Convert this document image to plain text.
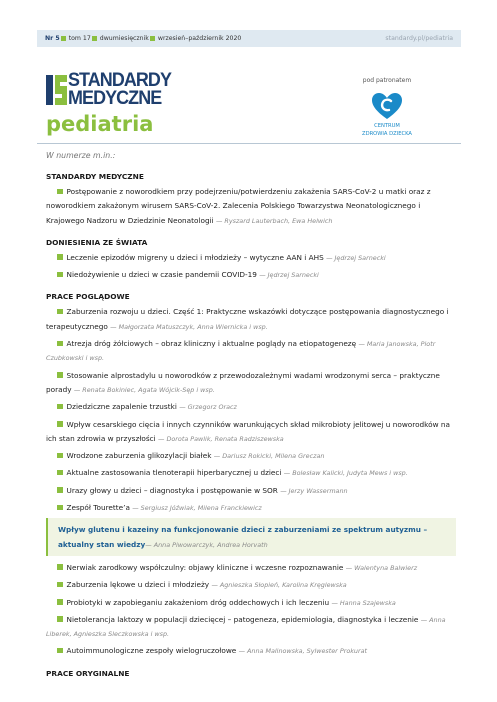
Nr 5 tom 17 dwumiesięcznik wrzesień–październik 2020	standardy.pl/pediatria
STANDARDY
MEDYCZNE
pediatria
pod patronatem
CENTRUM
ZDROWIA DZIECKA
W numerze m.in.:
STANDARDY MEDYCZNE
Postępowanie z noworodkiem przy podejrzeniu/potwierdzeniu zakażenia SARS-CoV-2 u matki oraz z noworodkiem zakażonym wirusem SARS-CoV-2. Zalecenia Polskiego Towarzystwa Neonatologicznego i Krajowego Nadzoru w Dziedzinie Neonatologii — Ryszard Lauterbach, Ewa Helwich
DONIESIENIA ZE ŚWIATA
Leczenie epizodów migreny u dzieci i młodzieży – wytyczne AAN i AHS — Jędrzej Sarnecki
Niedożywienie u dzieci w czasie pandemii COVID-19 — Jędrzej Sarnecki
PRACE POGLĄDOWE
Zaburzenia rozwoju u dzieci. Część 1: Praktyczne wskazówki dotyczące postępowania diagnostycznego i terapeutycznego — Małgorzata Matuszczyk, Anna Wiernicka i wsp.
Atrezja dróg żółciowych – obraz kliniczny i aktualne poglądy na etiopatogenezę — Maria Janowska, Piotr Czubkowski i wsp.
Stosowanie alprostadylu u noworodków z przewodozależnymi wadami wrodzonymi serca – praktyczne porady — Renata Bokiniec, Agata Wójcik-Sęp i wsp.
Dziedziczne zapalenie trzustki — Grzegorz Oracz
Wpływ cesarskiego cięcia i innych czynników warunkujących skład mikrobioty jelitowej u noworodków na ich stan zdrowia w przyszłości — Dorota Pawlik, Renata Radziszewska
Wrodzone zaburzenia glikozylacji białek — Dariusz Rokicki, Milena Greczan
Aktualne zastosowania tlenoterapii hiperbarycznej u dzieci — Bolesław Kalicki, Judyta Mews i wsp.
Urazy głowy u dzieci – diagnostyka i postępowanie w SOR — Jerzy Wassermann
Zespół Tourette’a — Sergiusz Jóźwiak, Milena Franckiewicz
Wpływ glutenu i kazeiny na funkcjonowanie dzieci z zaburzeniami ze spektrum autyzmu – aktualny stan wiedzy— Anna Piwowarczyk, Andrea Horvath
Nerwiak zarodkowy współczulny: objawy kliniczne i wczesne rozpoznawanie — Walentyna Balwierz
Zaburzenia lękowe u dzieci i młodzieży — Agnieszka Słopień, Karolina Kręglewska
Probiotyki w zapobieganiu zakażeniom dróg oddechowych i ich leczeniu — Hanna Szajewska
Nietolerancja laktozy w populacji dziecięcej – patogeneza, epidemiologia, diagnostyka i leczenie — Anna Liberek, Agnieszka Sleczkowska i wsp.
Autoimmunologiczne zespoły wielogruczołowe — Anna Malinowska, Sylwester Prokurat
PRACE ORYGINALNE
